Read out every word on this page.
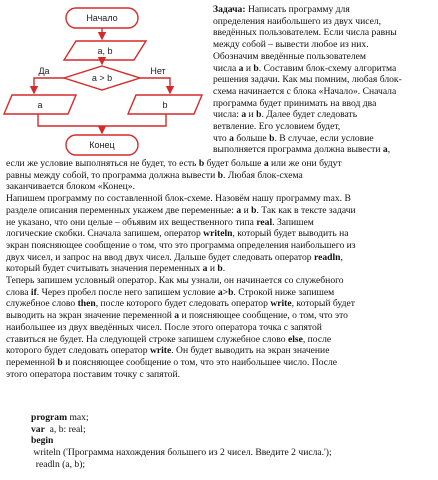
Начало
a, b
a > b
Да	Нет
a	b
Конец

Задача: Написать программу для

определения наибольшего из двух чисел,

введённых пользователем. Если числа равны

между собой – вывести любое из них.

Обозначим введённые пользователем

числа a и b. Составим блок-схему алгоритма

решения задачи. Как мы помним, любая блок-

схема начинается с блока «Начало». Сначала

программа будет принимать на ввод два

числа: a и b. Далее будет следовать

ветвление. Его условием будет,

что a больше b. В случае, если условие

выполняется программа должна вывести a,

если же условие выполняться не будет, то есть b будет больше a или же они будут

равны между собой, то программа должна вывести b. Любая блок-схема

заканчивается блоком «Конец».

Напишем программу по составленной блок-схеме. Назовём нашу программу max. В

разделе описания переменных укажем две переменные: a и b. Так как в тексте задачи

не указано, что они целые – объявим их вещественного типа real. Запишем

логические скобки. Сначала запишем, оператор writeln, который будет выводить на

экран поясняющее сообщение о том, что это программа определения наибольшего из

двух чисел, и запрос на ввод двух чисел. Дальше будет следовать оператор readln,

который будет считывать значения переменных a и b.

Теперь запишем условный оператор. Как мы узнали, он начинается со служебного

слова if. Через пробел после него запишем условие a>b. Строкой ниже запишем

служебное слово then, после которого будет следовать оператор write, который будет

выводить на экран значение переменной a и поясняющее сообщение, о том, что это

наибольшее из двух введённых чисел. После этого оператора точка с запятой

ставиться не будет. На следующей строке запишем служебное слово else, после

которого будет следовать оператор write. Он будет выводить на экран значение

переменной b и поясняющее сообщение о том, что это наибольшее число. После

этого оператора поставим точку с запятой.

program max;
var  a, b: real;
begin
writeln ('Программа нахождения большего из 2 чисел. Введите 2 числа.');
readln (a, b);
